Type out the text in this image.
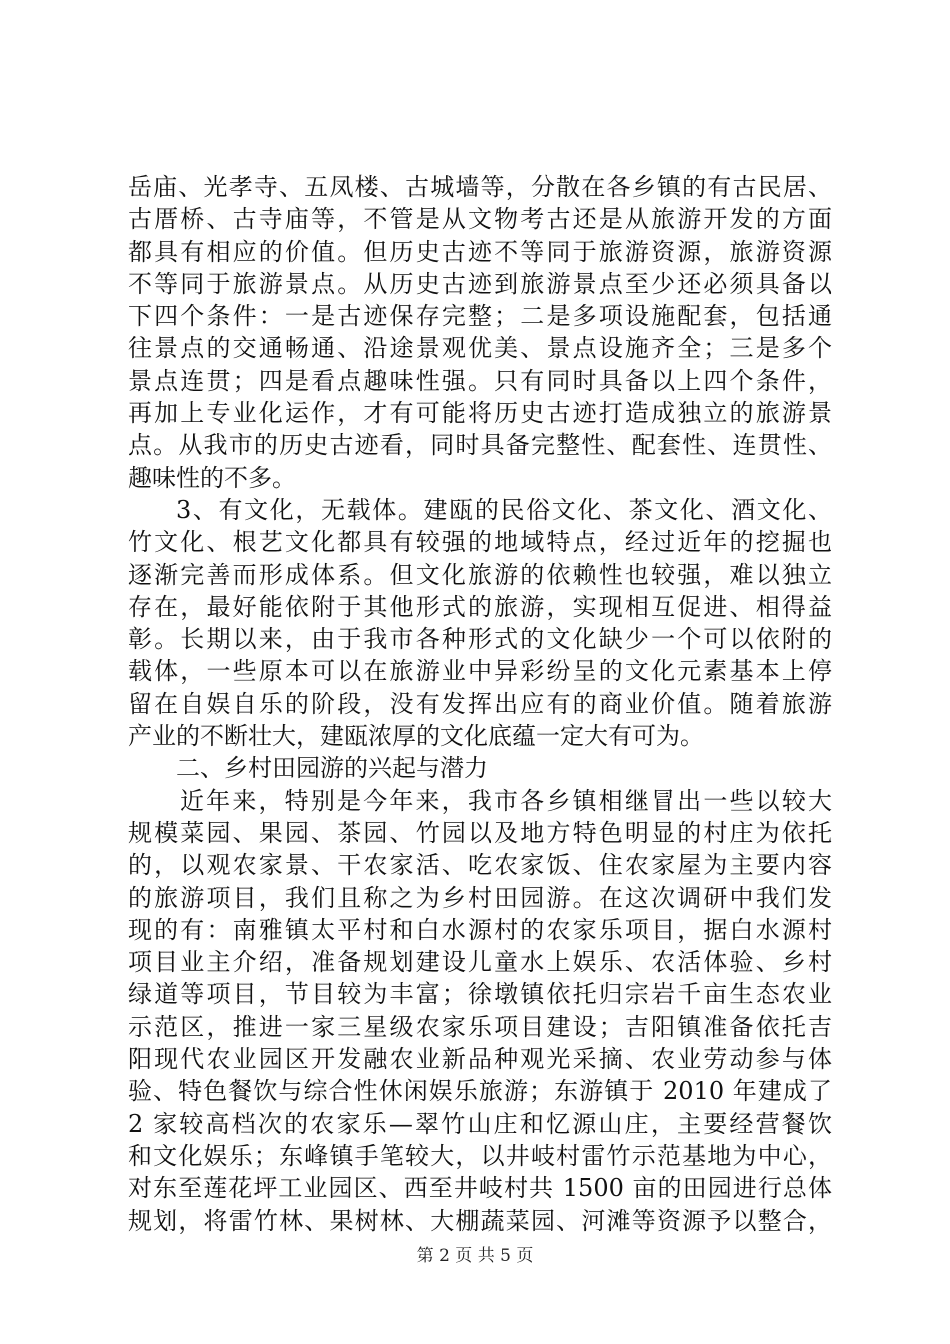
岳庙、光孝寺、五凤楼、古城墙等，分散在各乡镇的有古民居、
古厝桥、古寺庙等，不管是从文物考古还是从旅游开发的方面
都具有相应的价值。但历史古迹不等同于旅游资源，旅游资源
不等同于旅游景点。从历史古迹到旅游景点至少还必须具备以
下四个条件：一是古迹保存完整；二是多项设施配套，包括通
往景点的交通畅通、沿途景观优美、景点设施齐全；三是多个
景点连贯；四是看点趣味性强。只有同时具备以上四个条件，
再加上专业化运作，才有可能将历史古迹打造成独立的旅游景
点。从我市的历史古迹看，同时具备完整性、配套性、连贯性、
趣味性的不多。
3、有文化，无载体。建瓯的民俗文化、茶文化、酒文化、
竹文化、根艺文化都具有较强的地域特点，经过近年的挖掘也
逐渐完善而形成体系。但文化旅游的依赖性也较强，难以独立
存在，最好能依附于其他形式的旅游，实现相互促进、相得益
彰。长期以来，由于我市各种形式的文化缺少一个可以依附的
载体，一些原本可以在旅游业中异彩纷呈的文化元素基本上停
留在自娱自乐的阶段，没有发挥出应有的商业价值。随着旅游
产业的不断壮大，建瓯浓厚的文化底蕴一定大有可为。
二、乡村田园游的兴起与潜力
近年来，特别是今年来，我市各乡镇相继冒出一些以较大
规模菜园、果园、茶园、竹园以及地方特色明显的村庄为依托
的，以观农家景、干农家活、吃农家饭、住农家屋为主要内容
的旅游项目，我们且称之为乡村田园游。在这次调研中我们发
现的有：南雅镇太平村和白水源村的农家乐项目，据白水源村
项目业主介绍，准备规划建设儿童水上娱乐、农活体验、乡村
绿道等项目，节目较为丰富；徐墩镇依托归宗岩千亩生态农业
示范区，推进一家三星级农家乐项目建设；吉阳镇准备依托吉
阳现代农业园区开发融农业新品种观光采摘、农业劳动参与体
验、特色餐饮与综合性休闲娱乐旅游；东游镇于 2010 年建成了
2 家较高档次的农家乐—翠竹山庄和忆源山庄，主要经营餐饮
和文化娱乐；东峰镇手笔较大，以井岐村雷竹示范基地为中心，
对东至莲花坪工业园区、西至井岐村共 1500 亩的田园进行总体
规划，将雷竹林、果树林、大棚蔬菜园、河滩等资源予以整合，
第 2 页 共 5 页
